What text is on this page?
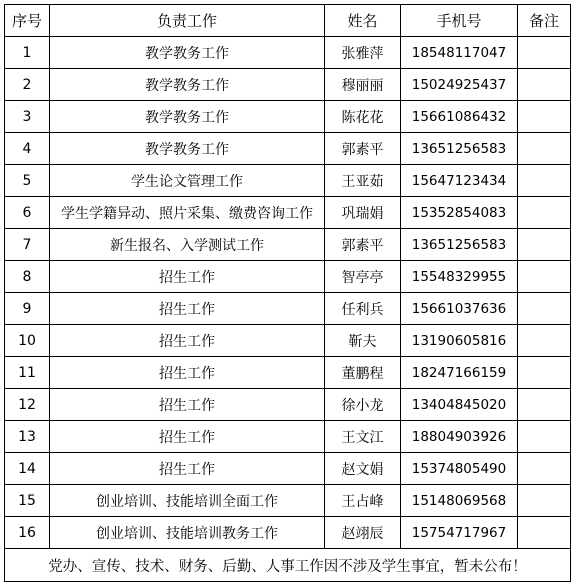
序号	负责工作	姓名	手机号	备注
1	教学教务工作	张雅萍	18548117047	
2	教学教务工作	穆丽丽	15024925437	
3	教学教务工作	陈花花	15661086432	
4	教学教务工作	郭素平	13651256583	
5	学生论文管理工作	王亚茹	15647123434	
6	学生学籍异动、照片采集、缴费咨询工作	巩瑞娟	15352854083	
7	新生报名、入学测试工作	郭素平	13651256583	
8	招生工作	智亭亭	15548329955	
9	招生工作	任利兵	15661037636	
10	招生工作	靳夫	13190605816	
11	招生工作	董鹏程	18247166159	
12	招生工作	徐小龙	13404845020	
13	招生工作	王文江	18804903926	
14	招生工作	赵文娟	15374805490	
15	创业培训、技能培训全面工作	王占峰	15148069568	
16	创业培训、技能培训教务工作	赵翊辰	15754717967	
党办、宣传、技术、财务、后勤、人事工作因不涉及学生事宜，暂未公布！				
